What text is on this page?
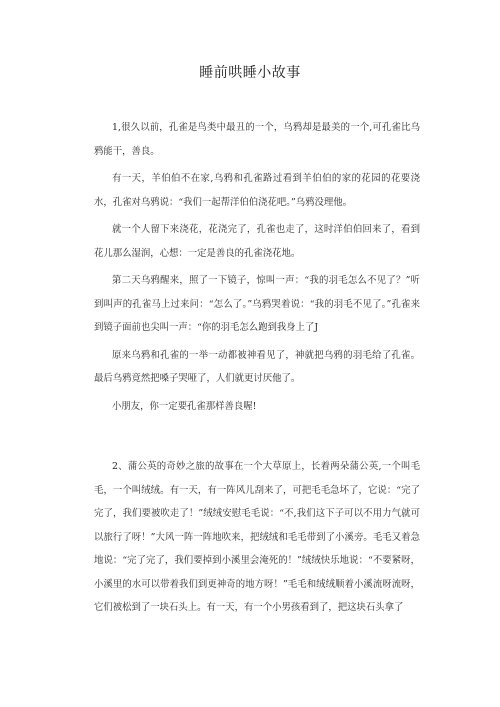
睡前哄睡小故事

1,很久以前，孔雀是鸟类中最丑的一个，乌鸦却是最美的一个,可孔雀比乌鸦能干，善良。

有一天，羊伯伯不在家,乌鸦和孔雀路过看到羊伯伯的家的花园的花要浇水，孔雀对乌鸦说：“我们一起帮洋伯伯浇花吧。”乌鸦没理他。

就一个人留下来浇花，花浇完了，孔雀也走了，这时洋伯伯回来了，看到花儿那么湿润，心想：一定是善良的孔雀浇花地。

第二天乌鸦醒来，照了一下镜子，惊叫一声：“我的羽毛怎么不见了？”听到叫声的孔雀马上过来问：“怎么了。”乌鸦哭着说：“我的羽毛不见了。”孔雀来到镜子面前也尖叫一声：“你的羽毛怎么跑到我身上了J

原来乌鸦和孔雀的一举一动都被神看见了，神就把乌鸦的羽毛给了孔雀。最后乌鸦竟然把嗓子哭哑了，人们就更讨厌他了。

小朋友，你一定要孔雀那样善良喔!

2、蒲公英的奇妙之旅的故事在一个大草原上，长着两朵蒲公英,一个叫毛毛，一个叫绒绒。有一天，有一阵风儿刮来了，可把毛毛急坏了，它说：“完了完了，我们要被吹走了！”绒绒安慰毛毛说：“不,我们这下子可以不用力气就可以旅行了呀！”大风一阵一阵地吹来，把绒绒和毛毛带到了小溪旁。毛毛又着急地说：“完了完了，我们要掉到小溪里会淹死的！”绒绒快乐地说：“不要紧呀，小溪里的水可以带着我们到更神奇的地方呀！”毛毛和绒绒顺着小溪流呀流呀，它们被松到了一块石头上。有一天，有一个小男孩看到了，把这块石头拿了
